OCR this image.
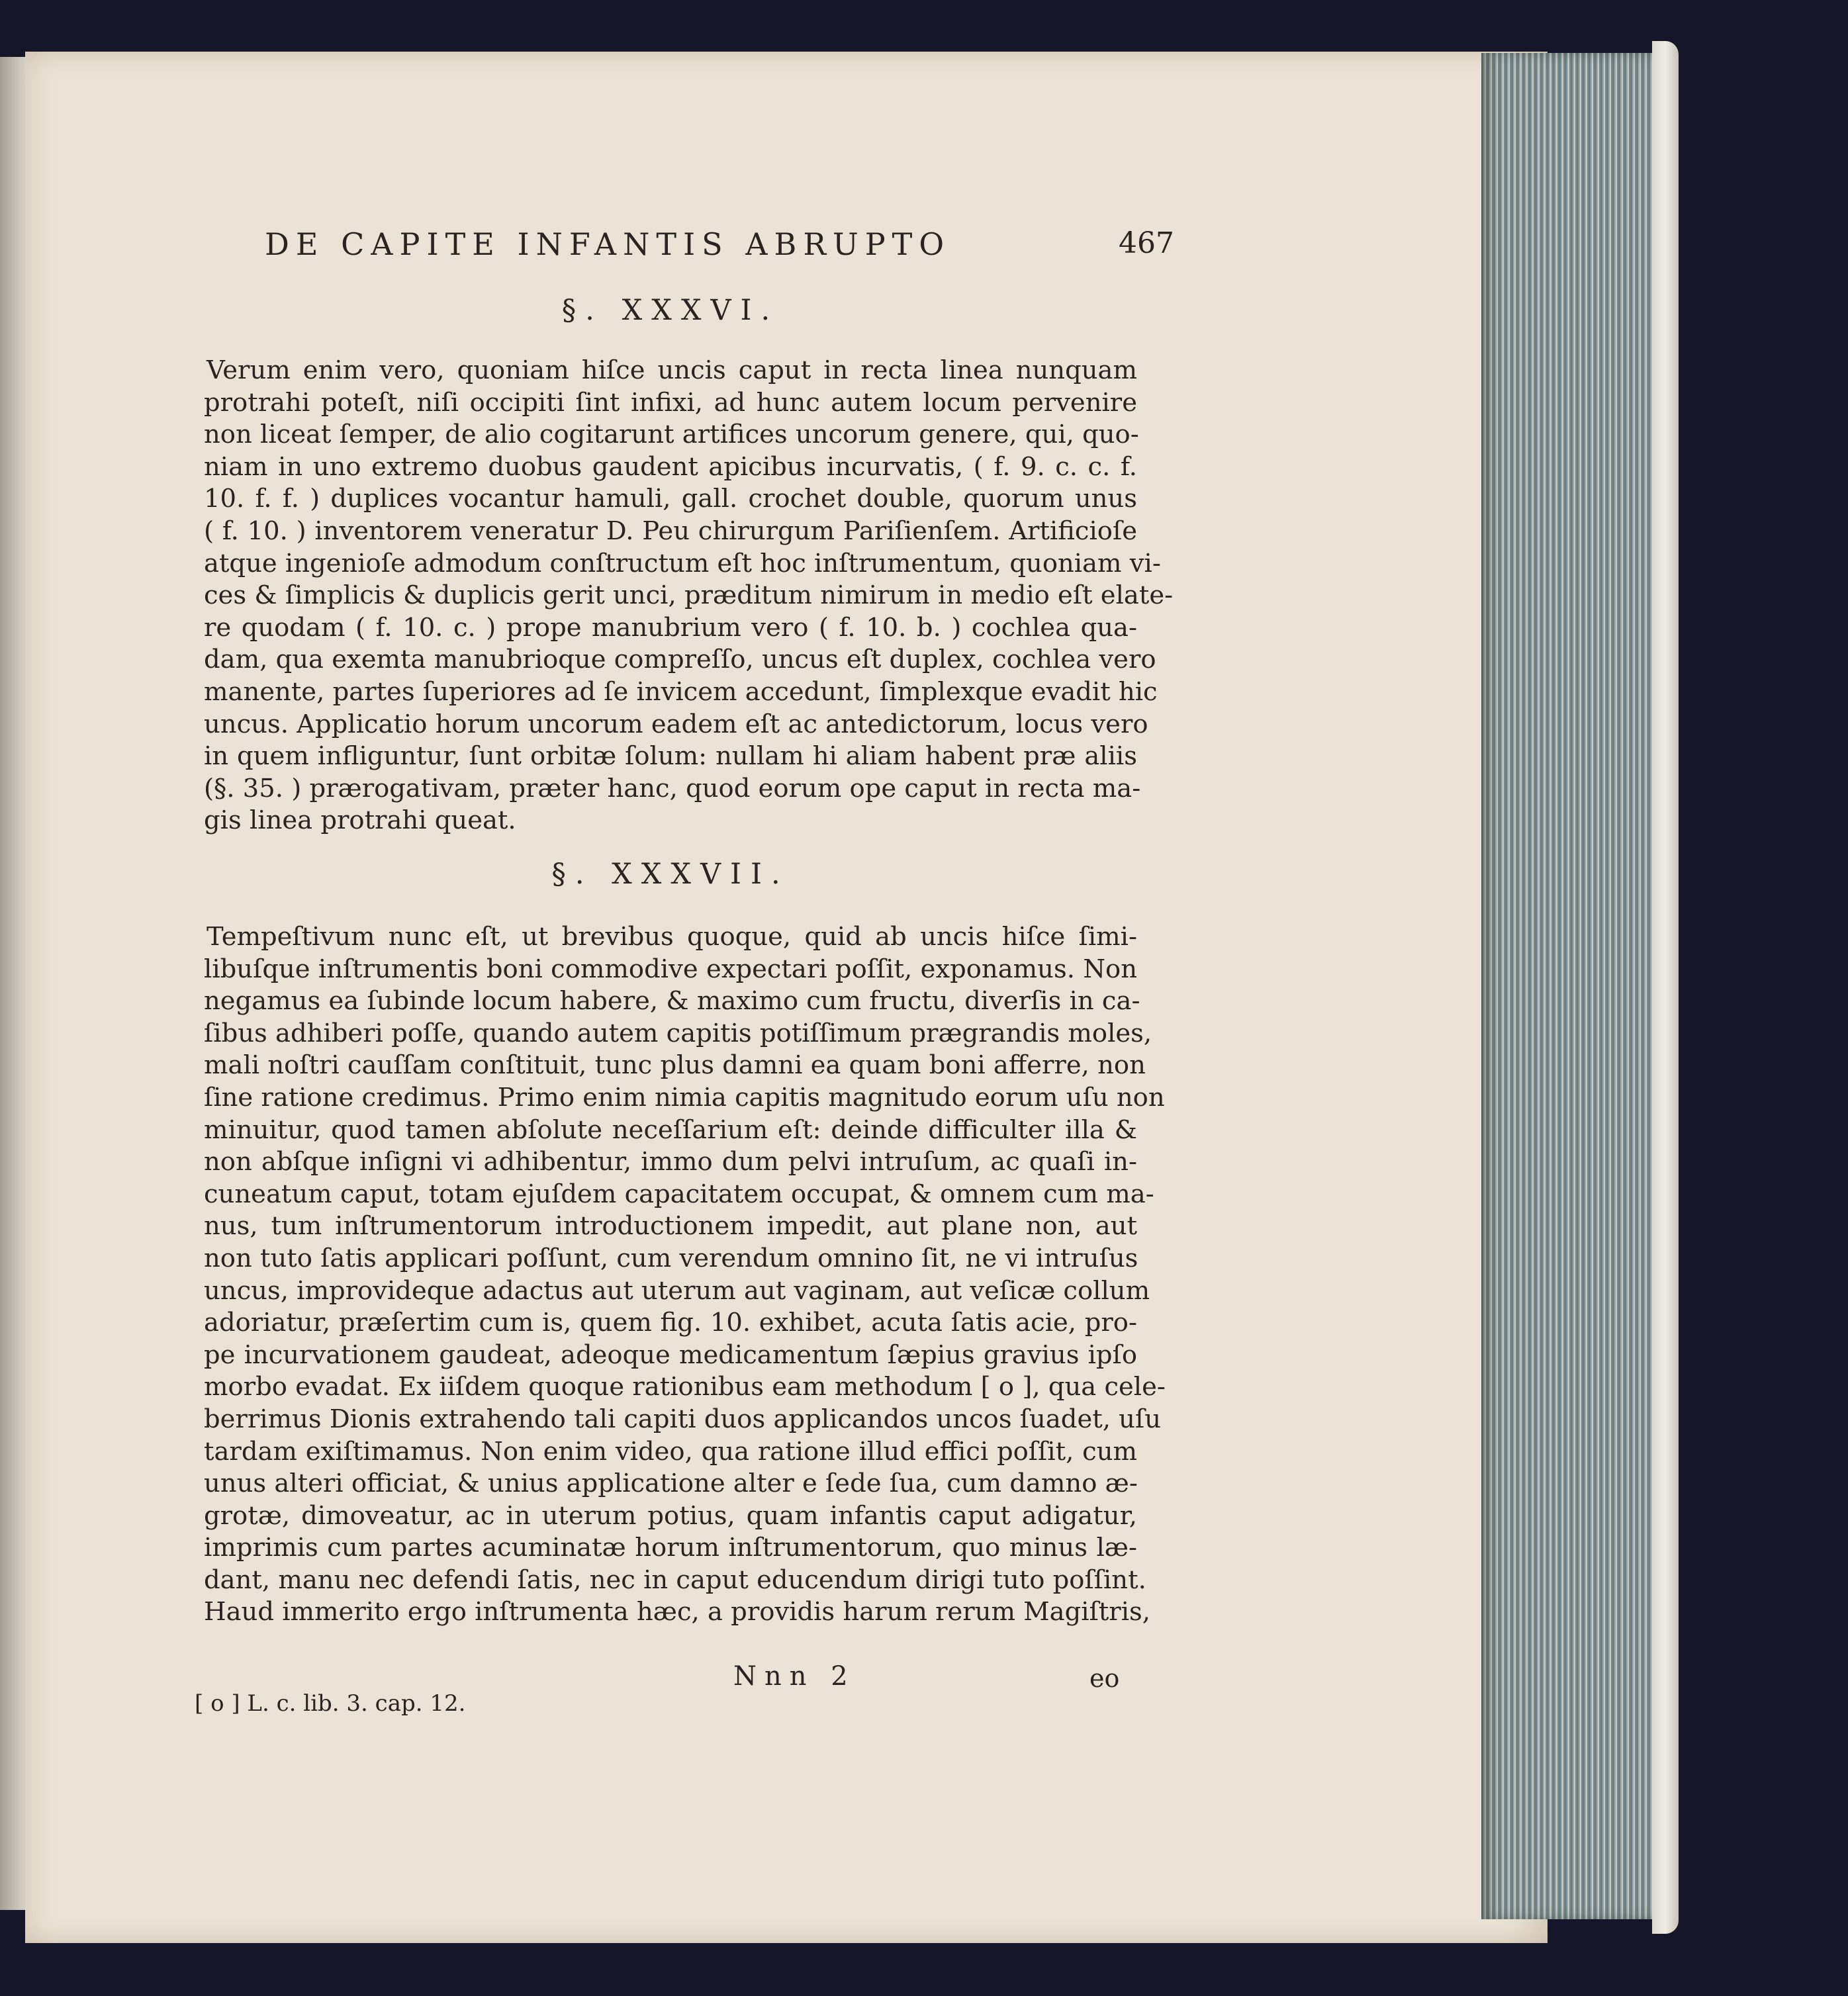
DE CAPITE INFANTIS ABRUPTO	467
§. XXXVI.
Verum enim vero, quoniam hiſce uncis caput in recta linea nunquam
protrahi poteſt, niſi occipiti ſint infixi, ad hunc autem locum pervenire
non liceat ſemper, de alio cogitarunt artifices uncorum genere, qui, quo-
niam in uno extremo duobus gaudent apicibus incurvatis, ( f. 9. c. c. f.
10. f. f. ) duplices vocantur hamuli, gall. crochet double, quorum unus
( f. 10. ) inventorem veneratur D. Peu chirurgum Pariſienſem. Artificioſe
atque ingenioſe admodum conſtructum eſt hoc inſtrumentum, quoniam vi-
ces & ſimplicis & duplicis gerit unci, præditum nimirum in medio eſt elate-
re quodam ( f. 10. c. ) prope manubrium vero ( f. 10. b. ) cochlea qua-
dam, qua exemta manubrioque compreſſo, uncus eſt duplex, cochlea vero
manente, partes ſuperiores ad ſe invicem accedunt, ſimplexque evadit hic
uncus. Applicatio horum uncorum eadem eſt ac antedictorum, locus vero
in quem infliguntur, ſunt orbitæ ſolum: nullam hi aliam habent præ aliis
(§. 35. ) prærogativam, præter hanc, quod eorum ope caput in recta ma-
gis linea protrahi queat.
§. XXXVII.
Tempeſtivum nunc eſt, ut brevibus quoque, quid ab uncis hiſce ſimi-
libuſque inſtrumentis boni commodive expectari poſſit, exponamus. Non
negamus ea ſubinde locum habere, & maximo cum fructu, diverſis in ca-
ſibus adhiberi poſſe, quando autem capitis potiſſimum prægrandis moles,
mali noſtri cauſſam conſtituit, tunc plus damni ea quam boni afferre, non
ſine ratione credimus. Primo enim nimia capitis magnitudo eorum uſu non
minuitur, quod tamen abſolute neceſſarium eſt: deinde difficulter illa &
non abſque inſigni vi adhibentur, immo dum pelvi intruſum, ac quaſi in-
cuneatum caput, totam ejuſdem capacitatem occupat, & omnem cum ma-
nus, tum inſtrumentorum introductionem impedit, aut plane non, aut
non tuto ſatis applicari poſſunt, cum verendum omnino ſit, ne vi intruſus
uncus, improvideque adactus aut uterum aut vaginam, aut veſicæ collum
adoriatur, præſertim cum is, quem fig. 10. exhibet, acuta ſatis acie, pro-
pe incurvationem gaudeat, adeoque medicamentum ſæpius gravius ipſo
morbo evadat. Ex iiſdem quoque rationibus eam methodum [ o ], qua cele-
berrimus Dionis extrahendo tali capiti duos applicandos uncos ſuadet, uſu
tardam exiſtimamus. Non enim video, qua ratione illud effici poſſit, cum
unus alteri officiat, & unius applicatione alter e ſede ſua, cum damno æ-
grotæ, dimoveatur, ac in uterum potius, quam infantis caput adigatur,
imprimis cum partes acuminatæ horum inſtrumentorum, quo minus læ-
dant, manu nec defendi ſatis, nec in caput educendum dirigi tuto poſſint.
Haud immerito ergo inſtrumenta hæc, a providis harum rerum Magiſtris,
Nnn 2	eo
[ o ] L. c. lib. 3. cap. 12.
